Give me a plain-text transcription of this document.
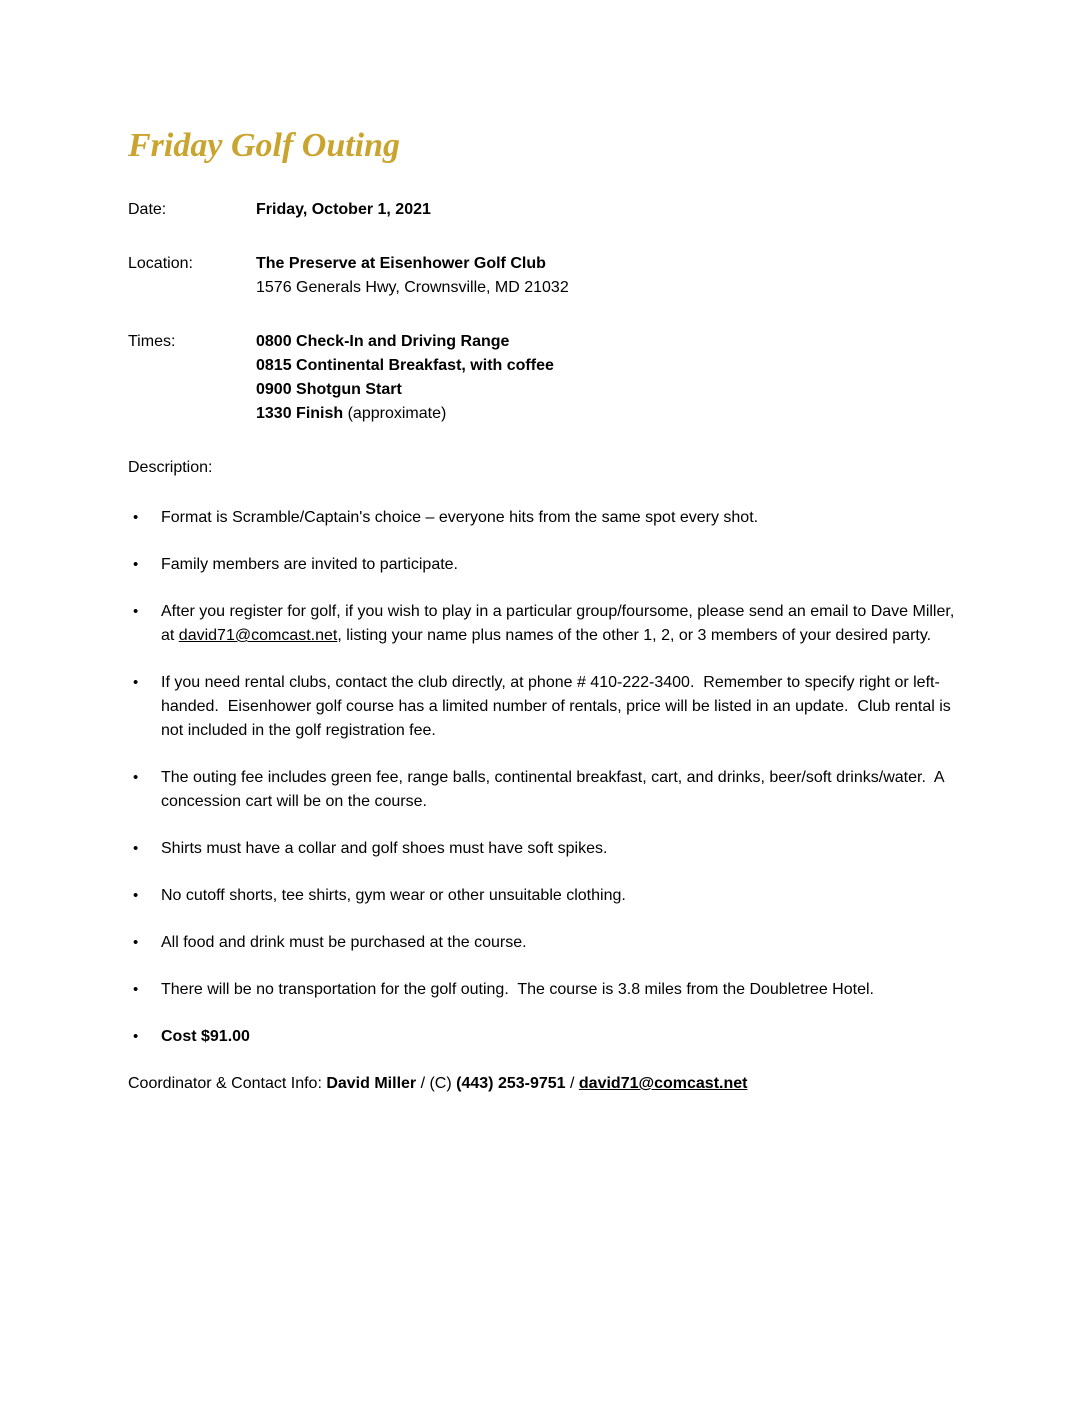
Friday Golf Outing
Date:	Friday, October 1, 2021
Location:	The Preserve at Eisenhower Golf Club
1576 Generals Hwy, Crownsville, MD 21032
Times:	0800 Check-In and Driving Range
0815 Continental Breakfast, with coffee
0900 Shotgun Start
1330 Finish (approximate)
Description:
•	Format is Scramble/Captain's choice – everyone hits from the same spot every shot.
•	Family members are invited to participate.
•	After you register for golf, if you wish to play in a particular group/foursome, please send an email to Dave Miller, at david71@comcast.net, listing your name plus names of the other 1, 2, or 3 members of your desired party.
•	If you need rental clubs, contact the club directly, at phone # 410-222-3400.  Remember to specify right or left-handed.  Eisenhower golf course has a limited number of rentals, price will be listed in an update.  Club rental is not included in the golf registration fee.
•	The outing fee includes green fee, range balls, continental breakfast, cart, and drinks, beer/soft drinks/water.  A concession cart will be on the course.
•	Shirts must have a collar and golf shoes must have soft spikes.
•	No cutoff shorts, tee shirts, gym wear or other unsuitable clothing.
•	All food and drink must be purchased at the course.
•	There will be no transportation for the golf outing.  The course is 3.8 miles from the Doubletree Hotel.
•	Cost $91.00
Coordinator & Contact Info: David Miller / (C) (443) 253-9751 / david71@comcast.net
